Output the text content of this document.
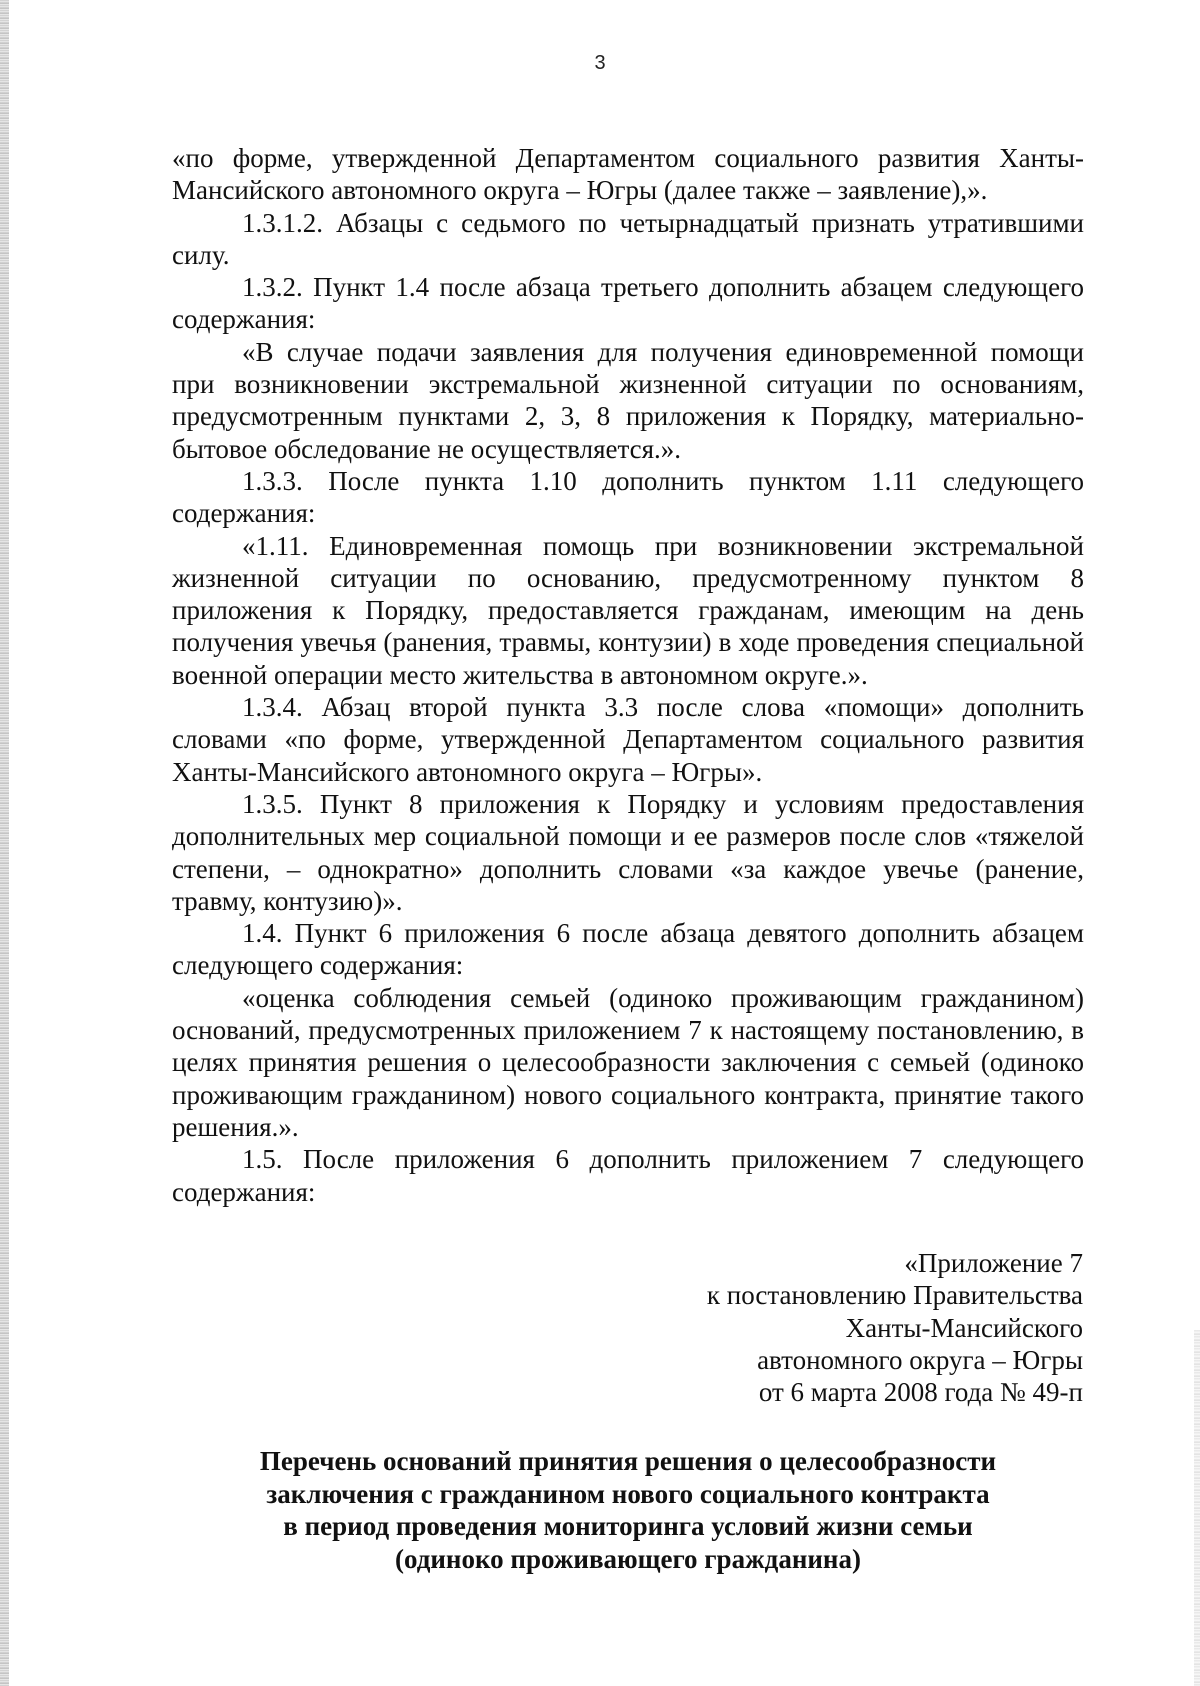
3

«по форме, утвержденной Департаментом социального развития Ханты-Мансийского автономного округа – Югры (далее также – заявление),».

1.3.1.2. Абзацы с седьмого по четырнадцатый признать утратившими силу.

1.3.2. Пункт 1.4 после абзаца третьего дополнить абзацем следующего содержания:

«В случае подачи заявления для получения единовременной помощи при возникновении экстремальной жизненной ситуации по основаниям, предусмотренным пунктами 2, 3, 8 приложения к Порядку, материально-бытовое обследование не осуществляется.».

1.3.3. После пункта 1.10 дополнить пунктом 1.11 следующего содержания:

«1.11. Единовременная помощь при возникновении экстремальной жизненной ситуации по основанию, предусмотренному пунктом 8 приложения к Порядку, предоставляется гражданам, имеющим на день получения увечья (ранения, травмы, контузии) в ходе проведения специальной военной операции место жительства в автономном округе.».

1.3.4. Абзац второй пункта 3.3 после слова «помощи» дополнить словами «по форме, утвержденной Департаментом социального развития Ханты-Мансийского автономного округа – Югры».

1.3.5. Пункт 8 приложения к Порядку и условиям предоставления дополнительных мер социальной помощи и ее размеров после слов «тяжелой степени, – однократно» дополнить словами «за каждое увечье (ранение, травму, контузию)».

1.4. Пункт 6 приложения 6 после абзаца девятого дополнить абзацем следующего содержания:

«оценка соблюдения семьей (одиноко проживающим гражданином) оснований, предусмотренных приложением 7 к настоящему постановлению, в целях принятия решения о целесообразности заключения с семьей (одиноко проживающим гражданином) нового социального контракта, принятие такого решения.».

1.5. После приложения 6 дополнить приложением 7 следующего содержания:

«Приложение 7
к постановлению Правительства
Ханты-Мансийского
автономного округа – Югры
от 6 марта 2008 года № 49-п
Перечень оснований принятия решения о целесообразности
заключения с гражданином нового социального контракта
в период проведения мониторинга условий жизни семьи
(одиноко проживающего гражданина)
